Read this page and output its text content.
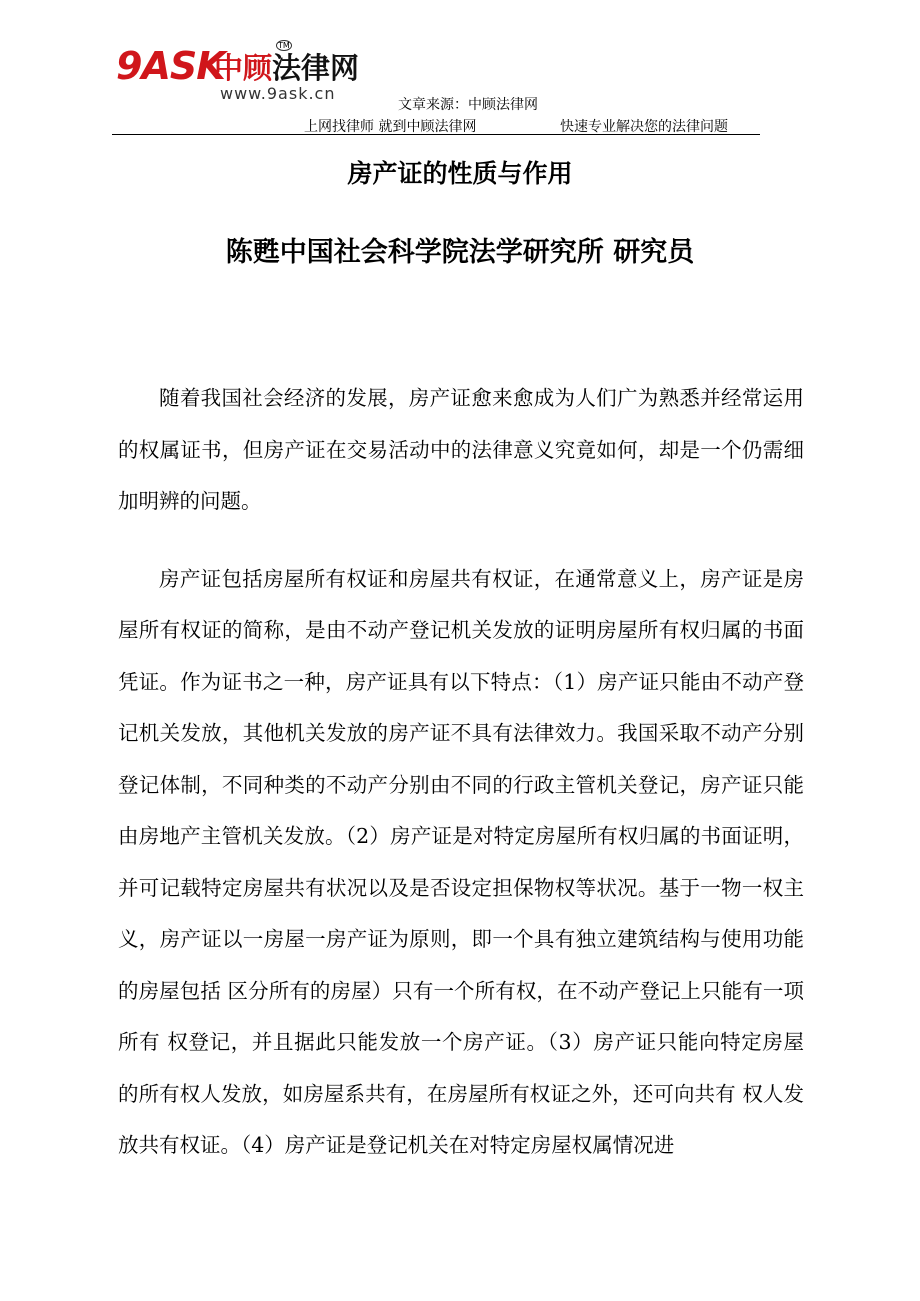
9ASK
中顾法律网
TM
www.9ask.cn
文章来源：中顾法律网
上网找律师 就到中顾法律网	快速专业解决您的法律问题
房产证的性质与作用
陈甦中国社会科学院法学研究所 研究员

随着我国社会经济的发展，房产证愈来愈成为人们广为熟悉并经常运用的权属证书，但房产证在交易活动中的法律意义究竟如何，却是一个仍需细加明辨的问题。

房产证包括房屋所有权证和房屋共有权证，在通常意义上，房产证是房屋所有权证的简称，是由不动产登记机关发放的证明房屋所有权归属的书面凭证。作为证书之一种，房产证具有以下特点：（1）房产证只能由不动产登记机关发放，其他机关发放的房产证不具有法律效力。我国采取不动产分别登记体制，不同种类的不动产分别由不同的行政主管机关登记，房产证只能由房地产主管机关发放。（2）房产证是对特定房屋所有权归属的书面证明，并可记载特定房屋共有状况以及是否设定担保物权等状况。基于一物一权主义，房产证以一房屋一房产证为原则，即一个具有独立建筑结构与使用功能的房屋包括 区分所有的房屋）只有一个所有权，在不动产登记上只能有一项所有 权登记，并且据此只能发放一个房产证。（3）房产证只能向特定房屋 的所有权人发放，如房屋系共有，在房屋所有权证之外，还可向共有 权人发放共有权证。（4）房产证是登记机关在对特定房屋权属情况进
